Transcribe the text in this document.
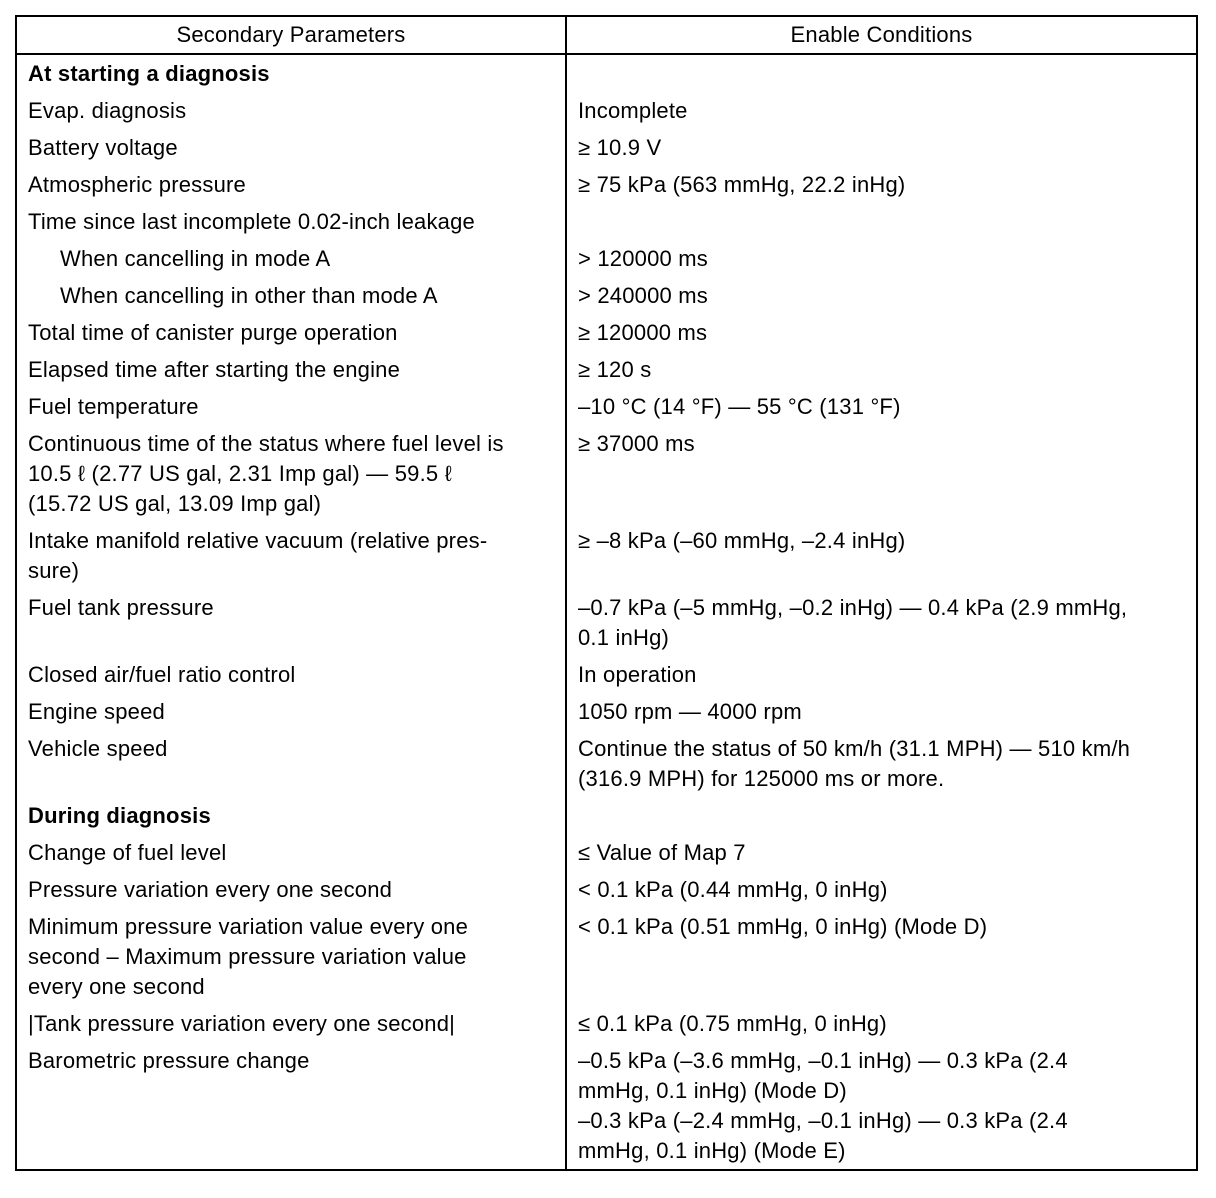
Secondary Parameters	Enable Conditions
At starting a diagnosis	
Evap. diagnosis	Incomplete
Battery voltage	≥ 10.9 V
Atmospheric pressure	≥ 75 kPa (563 mmHg, 22.2 inHg)
Time since last incomplete 0.02-inch leakage	
When cancelling in mode A	> 120000 ms
When cancelling in other than mode A	> 240000 ms
Total time of canister purge operation	≥ 120000 ms
Elapsed time after starting the engine	≥ 120 s
Fuel temperature	–10 °C (14 °F) — 55 °C (131 °F)

Continuous time of the status where fuel level is
10.5 ℓ (2.77 US gal, 2.31 Imp gal) — 59.5 ℓ
(15.72 US gal, 13.09 Imp gal)	≥ 37000 ms

Intake manifold relative vacuum (relative pres-
sure)	≥ –8 kPa (–60 mmHg, –2.4 inHg)
Fuel tank pressure	–0.7 kPa (–5 mmHg, –0.2 inHg) — 0.4 kPa (2.9 mmHg,
0.1 inHg)

Closed air/fuel ratio control	In operation
Engine speed	1050 rpm — 4000 rpm
Vehicle speed	Continue the status of 50 km/h (31.1 MPH) — 510 km/h
(316.9 MPH) for 125000 ms or more.

During diagnosis	
Change of fuel level	≤ Value of Map 7
Pressure variation every one second	< 0.1 kPa (0.44 mmHg, 0 inHg)

Minimum pressure variation value every one
second – Maximum pressure variation value
every one second	< 0.1 kPa (0.51 mmHg, 0 inHg) (Mode D)
|Tank pressure variation every one second|	≤ 0.1 kPa (0.75 mmHg, 0 inHg)
Barometric pressure change	–0.5 kPa (–3.6 mmHg, –0.1 inHg) — 0.3 kPa (2.4
mmHg, 0.1 inHg) (Mode D)
–0.3 kPa (–2.4 mmHg, –0.1 inHg) — 0.3 kPa (2.4
mmHg, 0.1 inHg) (Mode E)
